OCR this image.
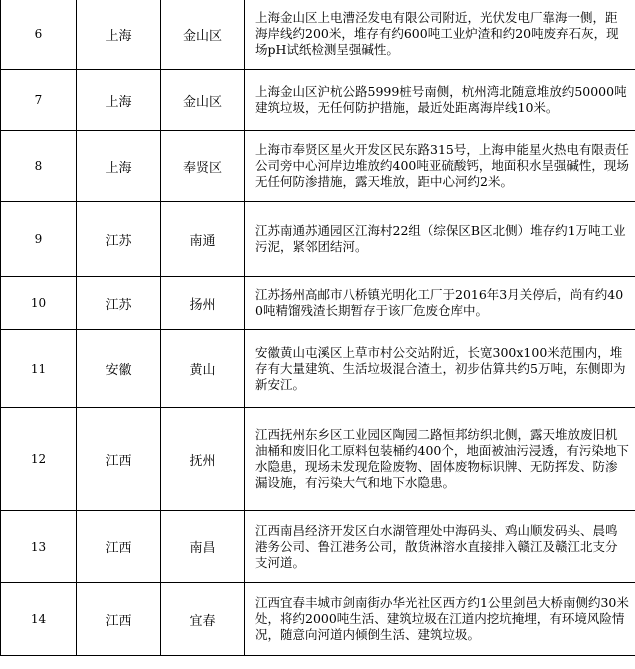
6	上海	金山区	上海金山区上电漕泾发电有限公司附近，光伏发电厂靠海一侧，距海岸线约200米，堆存有约600吨工业炉渣和约20吨废弃石灰，现场pH试纸检测呈强碱性。
7	上海	金山区	上海金山区沪杭公路5999桩号南侧，杭州湾北随意堆放约50000吨建筑垃圾，无任何防护措施，最近处距离海岸线10米。
8	上海	奉贤区	上海市奉贤区星火开发区民东路315号，上海申能星火热电有限责任公司旁中心河岸边堆放约400吨亚硫酸钙，地面积水呈强碱性，现场无任何防渗措施，露天堆放，距中心河约2米。
9	江苏	南通	江苏南通苏通园区江海村22组（综保区B区北侧）堆存约1万吨工业污泥，紧邻团结河。
10	江苏	扬州	江苏扬州高邮市八桥镇光明化工厂于2016年3月关停后，尚有约400吨精馏残渣长期暂存于该厂危废仓库中。
11	安徽	黄山	安徽黄山屯溪区上草市村公交站附近，长宽300x100米范围内，堆存有大量建筑、生活垃圾混合渣土，初步估算共约5万吨，东侧即为新安江。
12	江西	抚州	江西抚州东乡区工业园区陶园二路恒邦纺织北侧，露天堆放废旧机油桶和废旧化工原料包装桶约400个，地面被油污浸透，有污染地下水隐患，现场未发现危险废物、固体废物标识牌、无防挥发、防渗漏设施，有污染大气和地下水隐患。
13	江西	南昌	江西南昌经济开发区白水湖管理处中海码头、鸡山顺发码头、晨鸣港务公司、鲁江港务公司，散货淋溶水直接排入赣江及赣江北支分支河道。
14	江西	宜春	江西宜春丰城市剑南街办华光社区西方约1公里剑邑大桥南侧约30米处，将约2000吨生活、建筑垃圾在江道内挖坑掩埋，有环境风险情况，随意向河道内倾倒生活、建筑垃圾。
